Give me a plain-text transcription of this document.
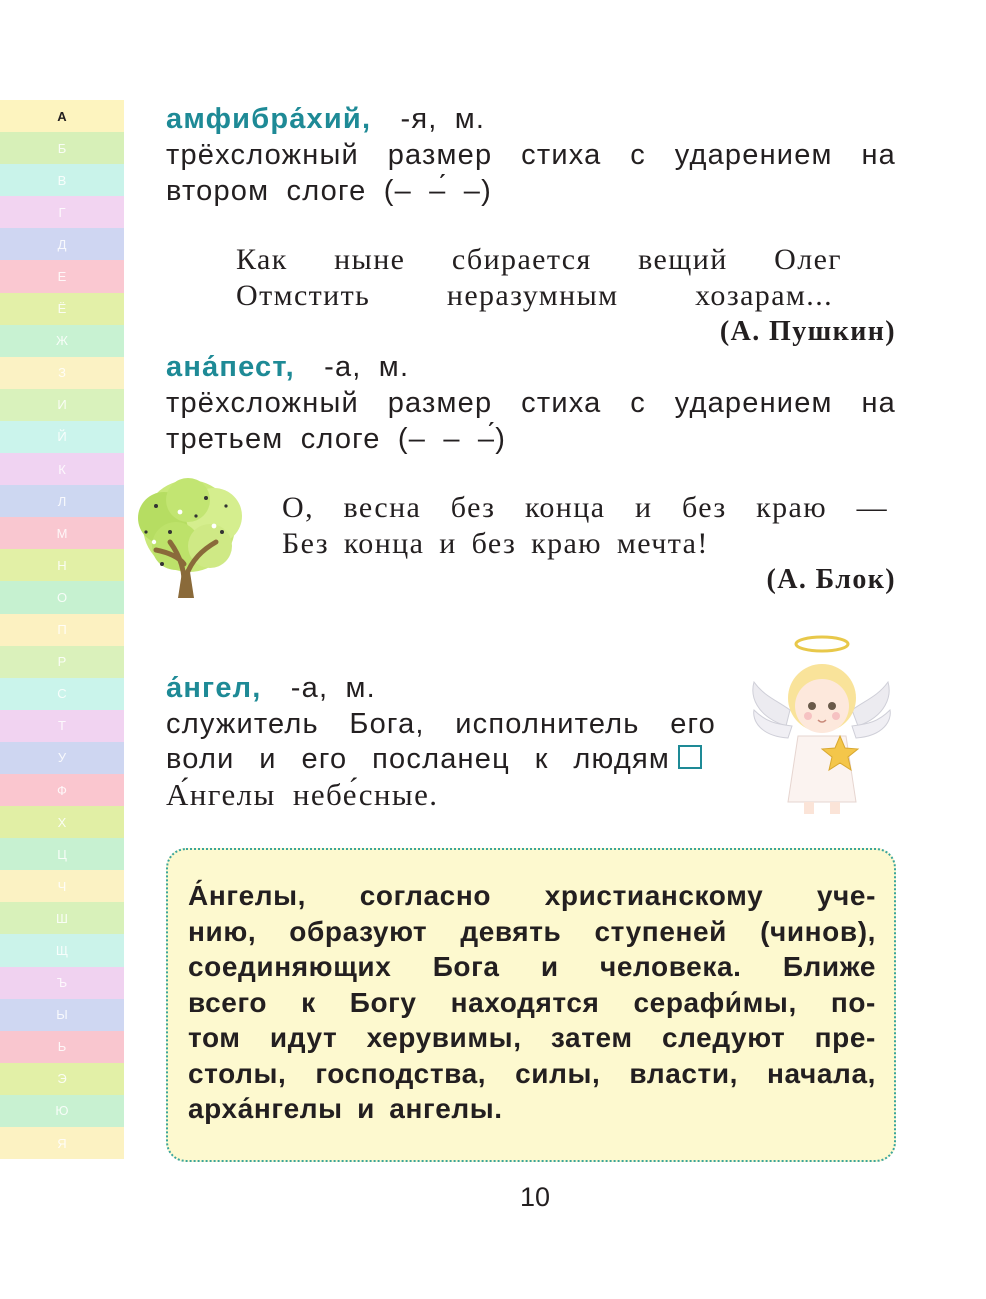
А
Б
В
Г
Д
Е
Ё
Ж
З
И
Й
К
Л
М
Н
О
П
Р
С
Т
У
Ф
Х
Ц
Ч
Ш
Щ
Ъ
Ы
Ь
Э
Ю
Я
амфибра́хий, -я, м.
трёхсложный размер стиха с ударением на
втором слоге (– –́ –)
Как ныне сбирается вещий Олег
Отмстить неразумным хозарам...
(А. Пушкин)
ана́пест, -а, м.
трёхсложный размер стиха с ударением на
третьем слоге (– – –́)
О, весна без конца и без краю —
Без конца и без краю мечта!
(А. Блок)
а́нгел, -а, м.
служитель Бога, исполнитель его
воли и его посланец к людям
А́нгелы небе́сные.
А́нгелы, согласно христианскому уче-
нию, образуют девять ступеней (чинов),
соединяющих Бога и человека. Ближе
всего к Богу находятся серафи́мы, по-
том идут херувимы, затем следуют пре-
столы, господства, силы, власти, начала,
арха́нгелы и ангелы.
10
